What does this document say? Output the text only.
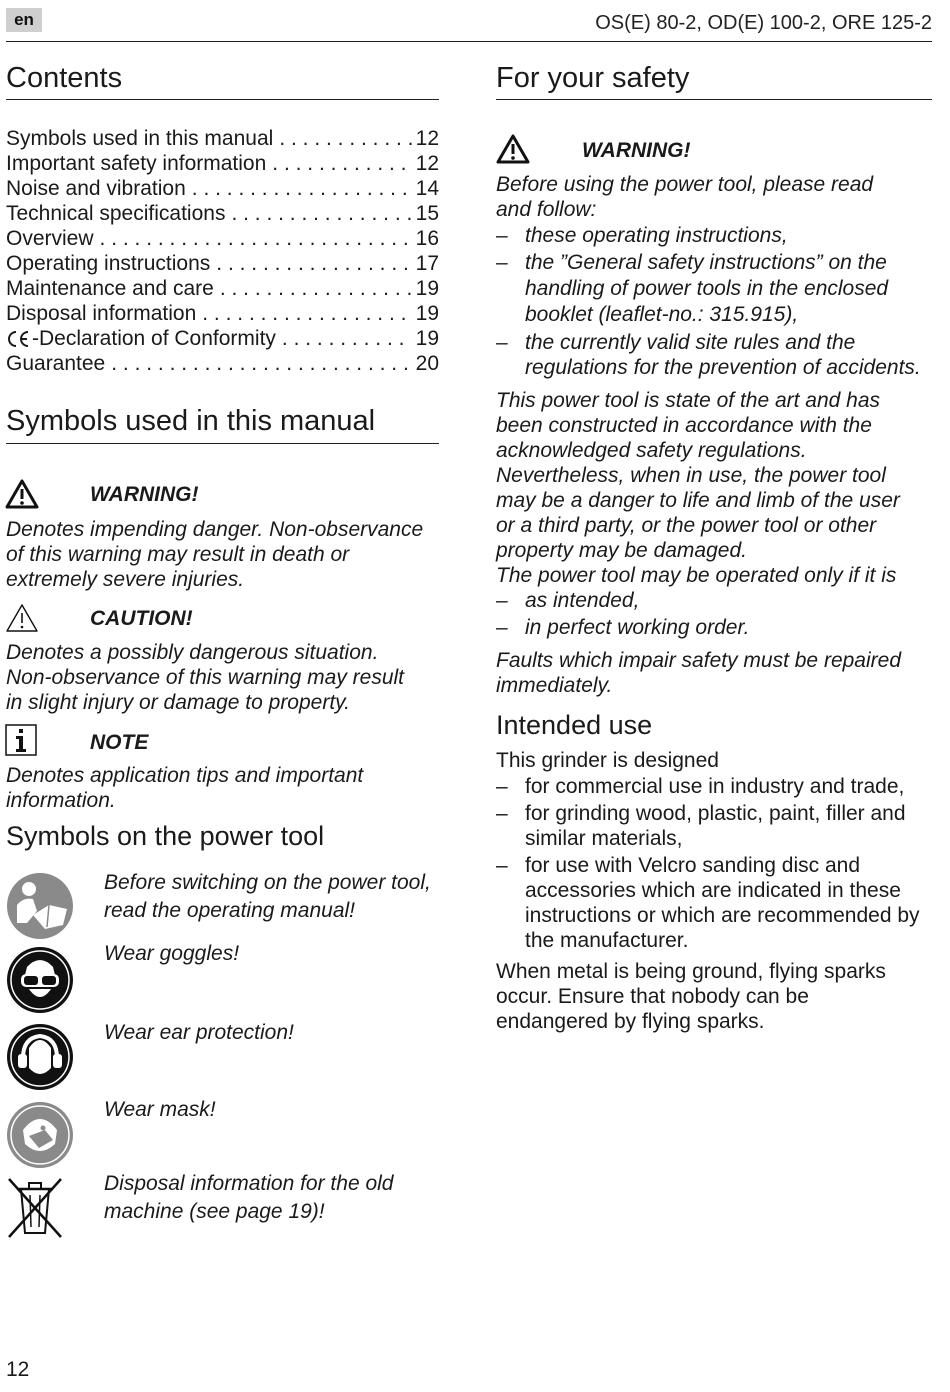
en	OS(E) 80-2, OD(E) 100-2, ORE 125-2
Contents
Symbols used in this manual . . .	12
Important safety information . . .	12
Noise and vibration . . .	14
Technical specifications . . .	15
Overview . . .	16
Operating instructions . . .	17
Maintenance and care . . .	19
Disposal information . . .	19
-Declaration of Conformity . . .	19
Guarantee . . .	20
Symbols used in this manual
WARNING!

Denotes impending danger. Non-observance of this warning may result in death or extremely severe injuries.

CAUTION!

Denotes a possibly dangerous situation. Non-observance of this warning may result in slight injury or damage to property.

NOTE

Denotes application tips and important information.

Symbols on the power tool
Before switching on the power tool, read the operating manual!
Wear goggles!
Wear ear protection!
Wear mask!
Disposal information for the old machine (see page 19)!
12
For your safety
WARNING!

Before using the power tool, please read and follow:

– these operating instructions,
– the ”General safety instructions” on the handling of power tools in the enclosed booklet (leaflet-no.: 315.915),
– the currently valid site rules and the regulations for the prevention of accidents.

This power tool is state of the art and has been constructed in accordance with the acknowledged safety regulations.

Nevertheless, when in use, the power tool may be a danger to life and limb of the user or a third party, or the power tool or other property may be damaged.

The power tool may be operated only if it is

– as intended,
– in perfect working order.

Faults which impair safety must be repaired immediately.

Intended use

This grinder is designed

– for commercial use in industry and trade,
– for grinding wood, plastic, paint, filler and similar materials,
– for use with Velcro sanding disc and accessories which are indicated in these instructions or which are recommended by the manufacturer.

When metal is being ground, flying sparks occur. Ensure that nobody can be endangered by flying sparks.
